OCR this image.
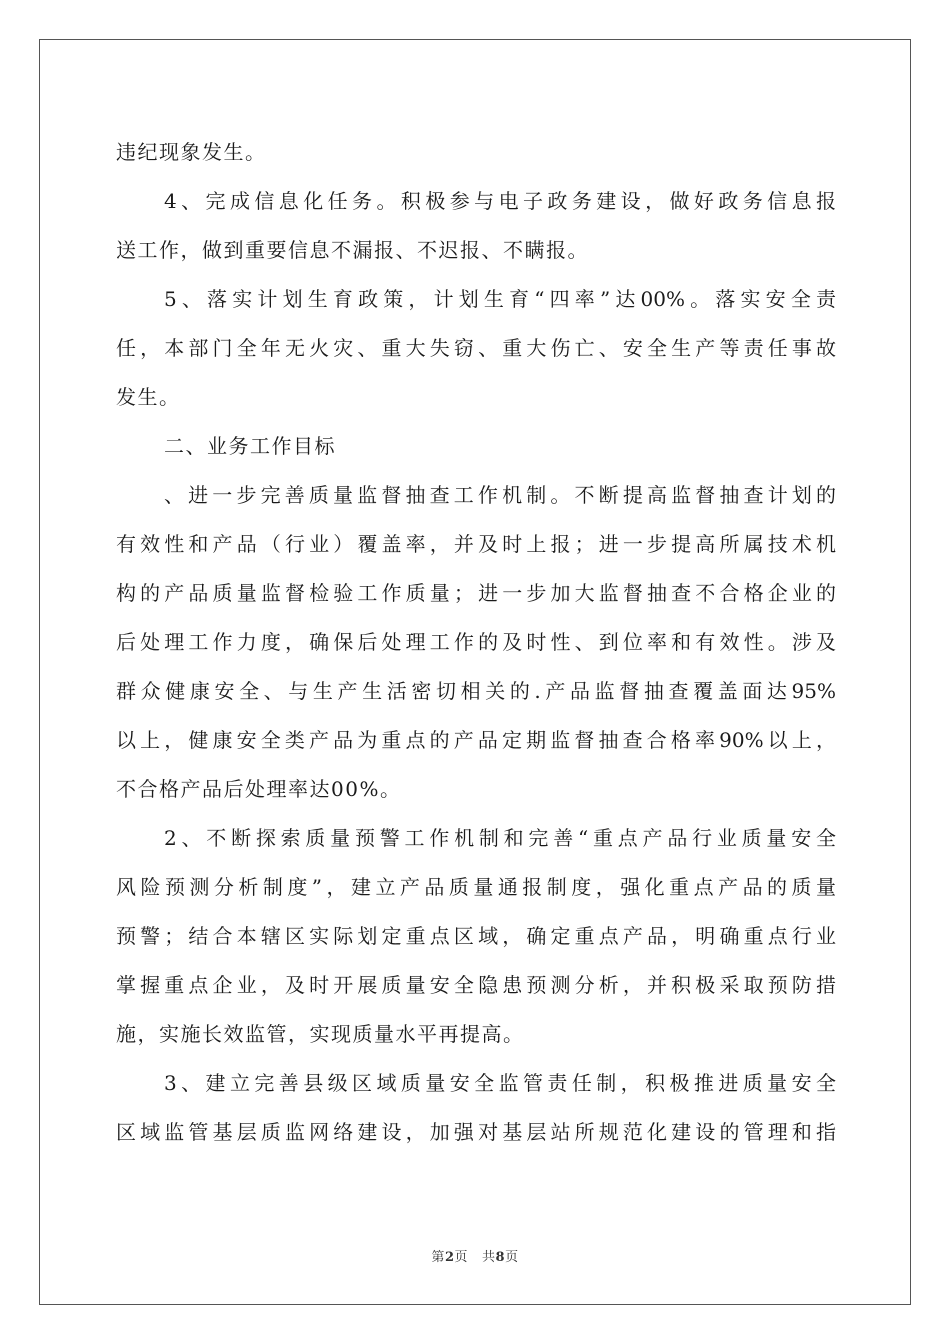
违纪现象发生。
4、完成信息化任务。积极参与电子政务建设，做好政务信息报
送工作，做到重要信息不漏报、不迟报、不瞒报。
5、落实计划生育政策，计划生育“四率”达00%。落实安全责
任，本部门全年无火灾、重大失窃、重大伤亡、安全生产等责任事故
发生。
二、业务工作目标
、进一步完善质量监督抽查工作机制。不断提高监督抽查计划的
有效性和产品（行业）覆盖率，并及时上报；进一步提高所属技术机
构的产品质量监督检验工作质量；进一步加大监督抽查不合格企业的
后处理工作力度，确保后处理工作的及时性、到位率和有效性。涉及
群众健康安全、与生产生活密切相关的.产品监督抽查覆盖面达95%
以上，健康安全类产品为重点的产品定期监督抽查合格率90%以上，
不合格产品后处理率达00%。
2、不断探索质量预警工作机制和完善“重点产品行业质量安全
风险预测分析制度”，建立产品质量通报制度，强化重点产品的质量
预警；结合本辖区实际划定重点区域，确定重点产品，明确重点行业
掌握重点企业，及时开展质量安全隐患预测分析，并积极采取预防措
施，实施长效监管，实现质量水平再提高。
3、建立完善县级区域质量安全监管责任制，积极推进质量安全
区域监管基层质监网络建设，加强对基层站所规范化建设的管理和指
第2页 共8页
